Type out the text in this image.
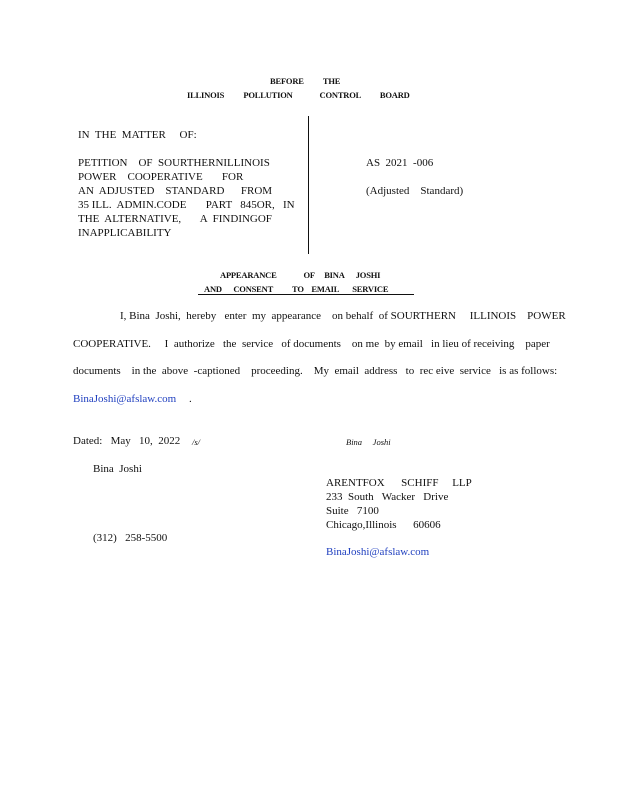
BEFORE          THE
ILLINOIS          POLLUTION              CONTROL          BOARD
IN  THE  MATTER     OF:
PETITION    OF  SOURTHERNILLINOIS
POWER    COOPERATIVE       FOR
AN  ADJUSTED    STANDARD      FROM
35 ILL.  ADMIN.CODE       PART   845OR,   IN
THE  ALTERNATIVE,       A  FINDINGOF
INAPPLICABILITY
AS  2021  -006
(Adjusted    Standard)
APPEARANCE              OF     BINA      JOSHI
AND      CONSENT          TO    EMAIL       SERVICE
I, Bina  Joshi,  hereby   enter  my  appearance    on behalf  of SOURTHERN     ILLINOIS    POWER
COOPERATIVE.     I  authorize   the  service   of documents    on me  by email   in lieu of receiving    paper
documents    in the  above  -captioned    proceeding.    My  email  address   to  rec eive  service   is as follows:
BinaJoshi@afslaw.com .
Dated:   May   10,  2022 /s/	Bina     Joshi
Bina  Joshi
(312)   258-5500
ARENTFOX      SCHIFF     LLP
233  South   Wacker   Drive
Suite   7100
Chicago,Illinois      60606
BinaJoshi@afslaw.com
